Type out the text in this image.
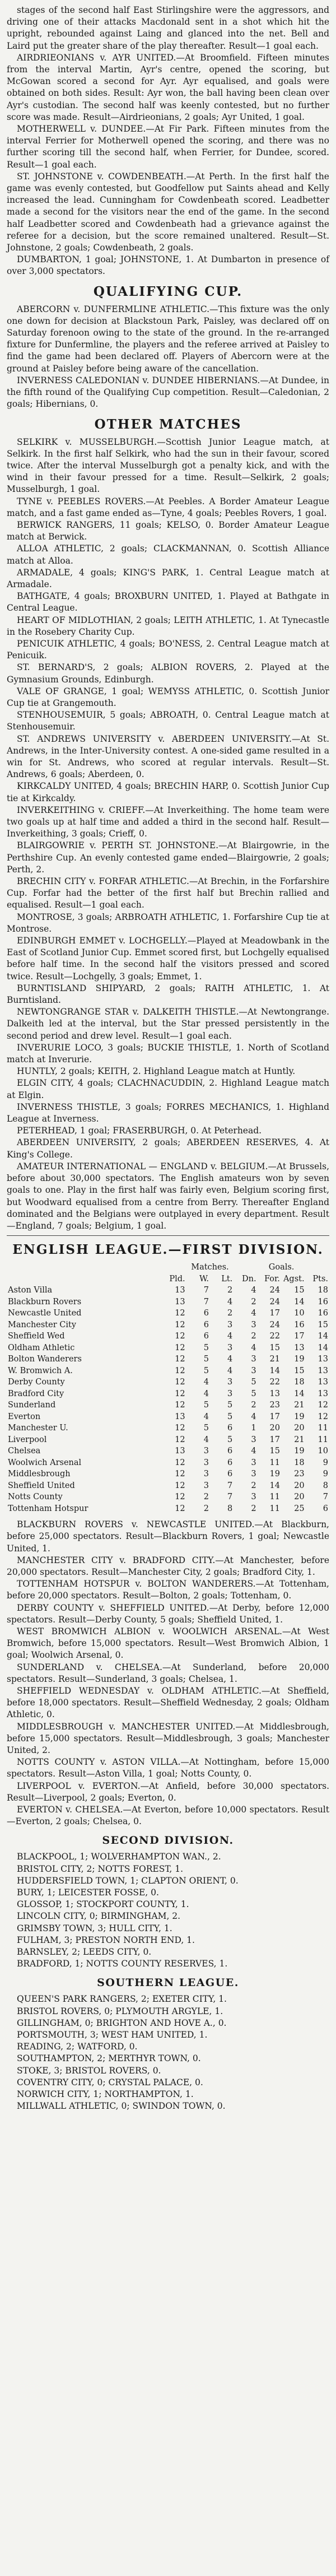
stages of the second half East Stirlingshire were the aggressors, and driving one of their attacks Macdonald sent in a shot which hit the upright, rebounded against Laing and glanced into the net. Bell and Laird put the greater share of the play thereafter. Result—1 goal each.

AIRDRIEONIANS v. AYR UNITED.—At Broomfield. Fifteen minutes from the interval Martin, Ayr's centre, opened the scoring, but McGowan scored a second for Ayr. Ayr equalised, and goals were obtained on both sides. Result: Ayr won, the ball having been clean over Ayr's custodian. The second half was keenly contested, but no further score was made. Result—Airdrieonians, 2 goals; Ayr United, 1 goal.

MOTHERWELL v. DUNDEE.—At Fir Park. Fifteen minutes from the interval Ferrier for Motherwell opened the scoring, and there was no further scoring till the second half, when Ferrier, for Dundee, scored. Result—1 goal each.

ST. JOHNSTONE v. COWDENBEATH.—At Perth. In the first half the game was evenly contested, but Goodfellow put Saints ahead and Kelly increased the lead. Cunningham for Cowdenbeath scored. Leadbetter made a second for the visitors near the end of the game. In the second half Leadbetter scored and Cowdenbeath had a grievance against the referee for a decision, but the score remained unaltered. Result—St. Johnstone, 2 goals; Cowdenbeath, 2 goals.

DUMBARTON, 1 goal; JOHNSTONE, 1. At Dumbarton in presence of over 3,000 spectators.

QUALIFYING CUP.

ABERCORN v. DUNFERMLINE ATHLETIC.—This fixture was the only one down for decision at Blackstoun Park, Paisley, was declared off on Saturday forenoon owing to the state of the ground. In the re-arranged fixture for Dunfermline, the players and the referee arrived at Paisley to find the game had been declared off. Players of Abercorn were at the ground at Paisley before being aware of the cancellation.

INVERNESS CALEDONIAN v. DUNDEE HIBERNIANS.—At Dundee, in the fifth round of the Qualifying Cup competition. Result—Caledonian, 2 goals; Hibernians, 0.

OTHER MATCHES

SELKIRK v. MUSSELBURGH.—Scottish Junior League match, at Selkirk. In the first half Selkirk, who had the sun in their favour, scored twice. After the interval Musselburgh got a penalty kick, and with the wind in their favour pressed for a time. Result—Selkirk, 2 goals; Musselburgh, 1 goal.

TYNE v. PEEBLES ROVERS.—At Peebles. A Border Amateur League match, and a fast game ended as—Tyne, 4 goals; Peebles Rovers, 1 goal.

BERWICK RANGERS, 11 goals; KELSO, 0. Border Amateur League match at Berwick.

ALLOA ATHLETIC, 2 goals; CLACKMANNAN, 0. Scottish Alliance match at Alloa.

ARMADALE, 4 goals; KING'S PARK, 1. Central League match at Armadale.

BATHGATE, 4 goals; BROXBURN UNITED, 1. Played at Bathgate in Central League.

HEART OF MIDLOTHIAN, 2 goals; LEITH ATHLETIC, 1. At Tynecastle in the Rosebery Charity Cup.

PENICUIK ATHLETIC, 4 goals; BO'NESS, 2. Central League match at Penicuik.

ST. BERNARD'S, 2 goals; ALBION ROVERS, 2. Played at the Gymnasium Grounds, Edinburgh.

VALE OF GRANGE, 1 goal; WEMYSS ATHLETIC, 0. Scottish Junior Cup tie at Grangemouth.

STENHOUSEMUIR, 5 goals; ABROATH, 0. Central League match at Stenhousemuir.

ST. ANDREWS UNIVERSITY v. ABERDEEN UNIVERSITY.—At St. Andrews, in the Inter-University contest. A one-sided game resulted in a win for St. Andrews, who scored at regular intervals. Result—St. Andrews, 6 goals; Aberdeen, 0.

KIRKCALDY UNITED, 4 goals; BRECHIN HARP, 0. Scottish Junior Cup tie at Kirkcaldy.

INVERKEITHING v. CRIEFF.—At Inverkeithing. The home team were two goals up at half time and added a third in the second half. Result—Inverkeithing, 3 goals; Crieff, 0.

BLAIRGOWRIE v. PERTH ST. JOHNSTONE.—At Blairgowrie, in the Perthshire Cup. An evenly contested game ended—Blairgowrie, 2 goals; Perth, 2.

BRECHIN CITY v. FORFAR ATHLETIC.—At Brechin, in the Forfarshire Cup. Forfar had the better of the first half but Brechin rallied and equalised. Result—1 goal each.

MONTROSE, 3 goals; ARBROATH ATHLETIC, 1. Forfarshire Cup tie at Montrose.

EDINBURGH EMMET v. LOCHGELLY.—Played at Meadowbank in the East of Scotland Junior Cup. Emmet scored first, but Lochgelly equalised before half time. In the second half the visitors pressed and scored twice. Result—Lochgelly, 3 goals; Emmet, 1.

BURNTISLAND SHIPYARD, 2 goals; RAITH ATHLETIC, 1. At Burntisland.

NEWTONGRANGE STAR v. DALKEITH THISTLE.—At Newtongrange. Dalkeith led at the interval, but the Star pressed persistently in the second period and drew level. Result—1 goal each.

INVERURIE LOCO, 3 goals; BUCKIE THISTLE, 1. North of Scotland match at Inverurie.

HUNTLY, 2 goals; KEITH, 2. Highland League match at Huntly.

ELGIN CITY, 4 goals; CLACHNACUDDIN, 2. Highland League match at Elgin.

INVERNESS THISTLE, 3 goals; FORRES MECHANICS, 1. Highland League at Inverness.

PETERHEAD, 1 goal; FRASERBURGH, 0. At Peterhead.

ABERDEEN UNIVERSITY, 2 goals; ABERDEEN RESERVES, 4. At King's College.

AMATEUR INTERNATIONAL — ENGLAND v. BELGIUM.—At Brussels, before about 30,000 spectators. The English amateurs won by seven goals to one. Play in the first half was fairly even, Belgium scoring first, but Woodward equalised from a centre from Berry. Thereafter England dominated and the Belgians were outplayed in every department. Result—England, 7 goals; Belgium, 1 goal.

ENGLISH LEAGUE.—FIRST DIVISION.
	Matches.				Goals.		
	Pld.	W.	Lt.	Dn.	For.	Agst.	Pts.
Aston Villa	13	7	2	4	24	15	18
Blackburn Rovers	13	7	4	2	24	14	16
Newcastle United	12	6	2	4	17	10	16
Manchester City	12	6	3	3	24	16	15
Sheffield Wed	12	6	4	2	22	17	14
Oldham Athletic	12	5	3	4	15	13	14
Bolton Wanderers	12	5	4	3	21	19	13
W. Bromwich A.	12	5	4	3	14	15	13
Derby County	12	4	3	5	22	18	13
Bradford City	12	4	3	5	13	14	13
Sunderland	12	5	5	2	23	21	12
Everton	13	4	5	4	17	19	12
Manchester U.	12	5	6	1	20	20	11
Liverpool	12	4	5	3	17	21	11
Chelsea	13	3	6	4	15	19	10
Woolwich Arsenal	12	3	6	3	11	18	9
Middlesbrough	12	3	6	3	19	23	9
Sheffield United	12	3	7	2	14	20	8
Notts County	12	2	7	3	11	20	7
Tottenham Hotspur	12	2	8	2	11	25	6

BLACKBURN ROVERS v. NEWCASTLE UNITED.—At Blackburn, before 25,000 spectators. Result—Blackburn Rovers, 1 goal; Newcastle United, 1.

MANCHESTER CITY v. BRADFORD CITY.—At Manchester, before 20,000 spectators. Result—Manchester City, 2 goals; Bradford City, 1.

TOTTENHAM HOTSPUR v. BOLTON WANDERERS.—At Tottenham, before 20,000 spectators. Result—Bolton, 2 goals; Tottenham, 0.

DERBY COUNTY v. SHEFFIELD UNITED.—At Derby, before 12,000 spectators. Result—Derby County, 5 goals; Sheffield United, 1.

WEST BROMWICH ALBION v. WOOLWICH ARSENAL.—At West Bromwich, before 15,000 spectators. Result—West Bromwich Albion, 1 goal; Woolwich Arsenal, 0.

SUNDERLAND v. CHELSEA.—At Sunderland, before 20,000 spectators. Result—Sunderland, 3 goals; Chelsea, 1.

SHEFFIELD WEDNESDAY v. OLDHAM ATHLETIC.—At Sheffield, before 18,000 spectators. Result—Sheffield Wednesday, 2 goals; Oldham Athletic, 0.

MIDDLESBROUGH v. MANCHESTER UNITED.—At Middlesbrough, before 15,000 spectators. Result—Middlesbrough, 3 goals; Manchester United, 2.

NOTTS COUNTY v. ASTON VILLA.—At Nottingham, before 15,000 spectators. Result—Aston Villa, 1 goal; Notts County, 0.

LIVERPOOL v. EVERTON.—At Anfield, before 30,000 spectators. Result—Liverpool, 2 goals; Everton, 0.

EVERTON v. CHELSEA.—At Everton, before 10,000 spectators. Result—Everton, 2 goals; Chelsea, 0.

SECOND DIVISION.

BLACKPOOL, 1; WOLVERHAMPTON WAN., 2.

BRISTOL CITY, 2; NOTTS FOREST, 1.

HUDDERSFIELD TOWN, 1; CLAPTON ORIENT, 0.

BURY, 1; LEICESTER FOSSE, 0.

GLOSSOP, 1; STOCKPORT COUNTY, 1.

LINCOLN CITY, 0; BIRMINGHAM, 2.

GRIMSBY TOWN, 3; HULL CITY, 1.

FULHAM, 3; PRESTON NORTH END, 1.

BARNSLEY, 2; LEEDS CITY, 0.

BRADFORD, 1; NOTTS COUNTY RESERVES, 1.

SOUTHERN LEAGUE.

QUEEN'S PARK RANGERS, 2; EXETER CITY, 1.

BRISTOL ROVERS, 0; PLYMOUTH ARGYLE, 1.

GILLINGHAM, 0; BRIGHTON AND HOVE A., 0.

PORTSMOUTH, 3; WEST HAM UNITED, 1.

READING, 2; WATFORD, 0.

SOUTHAMPTON, 2; MERTHYR TOWN, 0.

STOKE, 3; BRISTOL ROVERS, 0.

COVENTRY CITY, 0; CRYSTAL PALACE, 0.

NORWICH CITY, 1; NORTHAMPTON, 1.

MILLWALL ATHLETIC, 0; SWINDON TOWN, 0.
